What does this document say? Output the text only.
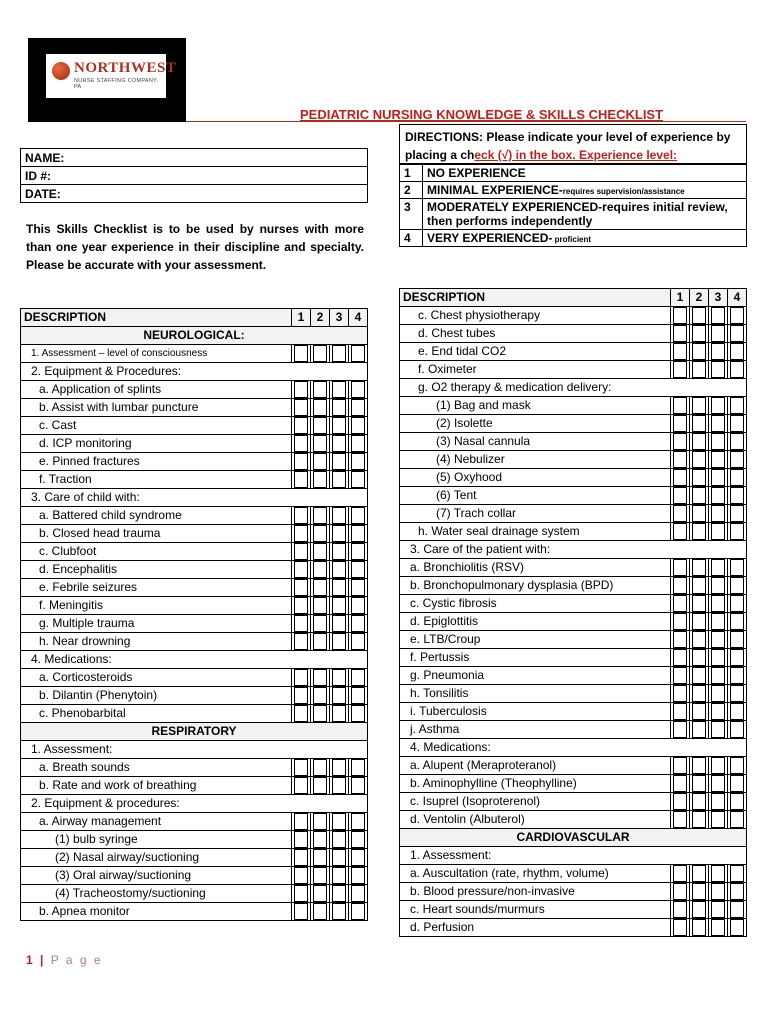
NORTHWEST
NURSE STAFFING COMPANY, PA
PEDIATRIC NURSING KNOWLEDGE & SKILLS CHECKLIST
DIRECTIONS: Please indicate your level of experience by placing a check (√) in the box. Experience level:
1	NO EXPERIENCE
2	MINIMAL EXPERIENCE-requires supervision/assistance
3	MODERATELY EXPERIENCED-requires initial review, then performs independently
4	VERY EXPERIENCED- proficient
NAME:
ID #:
DATE:
This Skills Checklist is to be used by nurses with more than one year experience in their discipline and specialty. Please be accurate with your assessment.
DESCRIPTION	1	2	3	4
NEUROLOGICAL:				
1. Assessment – level of consciousness	

2. Equipment & Procedures:				
a. Application of splints	

b. Assist with lumbar puncture	

c. Cast	

d. ICP monitoring	

e. Pinned fractures	

f. Traction	

3. Care of child with:				
a. Battered child syndrome	

b. Closed head trauma	

c. Clubfoot	

d. Encephalitis	

e. Febrile seizures	

f. Meningitis	

g. Multiple trauma	

h. Near drowning	

4. Medications:				
a. Corticosteroids	

b. Dilantin (Phenytoin)	

c. Phenobarbital	

RESPIRATORY				
1. Assessment:				
a. Breath sounds	

b. Rate and work of breathing	

2. Equipment & procedures:				
a. Airway management	

(1) bulb syringe	

(2) Nasal airway/suctioning	

(3) Oral airway/suctioning	

(4) Tracheostomy/suctioning	

b. Apnea monitor	

DESCRIPTION	1	2	3	4
c. Chest physiotherapy	

d. Chest tubes	

e. End tidal CO2	

f. Oximeter	

g. O2 therapy & medication delivery:				
(1) Bag and mask	

(2) Isolette	

(3) Nasal cannula	

(4) Nebulizer	

(5) Oxyhood	

(6) Tent	

(7) Trach collar	

h. Water seal drainage system	

3. Care of the patient with:				
a. Bronchiolitis (RSV)	

b. Bronchopulmonary dysplasia (BPD)	

c. Cystic fibrosis	

d. Epiglottitis	

e. LTB/Croup	

f. Pertussis	

g. Pneumonia	

h. Tonsilitis	

i. Tuberculosis	

j. Asthma	

4. Medications:				
a. Alupent (Meraproteranol)	

b. Aminophylline (Theophylline)	

c. Isuprel (Isoproterenol)	

d. Ventolin (Albuterol)	

CARDIOVASCULAR				
1. Assessment:				
a. Auscultation (rate, rhythm, volume)	

b. Blood pressure/non-invasive	

c. Heart sounds/murmurs	

d. Perfusion	

1 | P a g e
